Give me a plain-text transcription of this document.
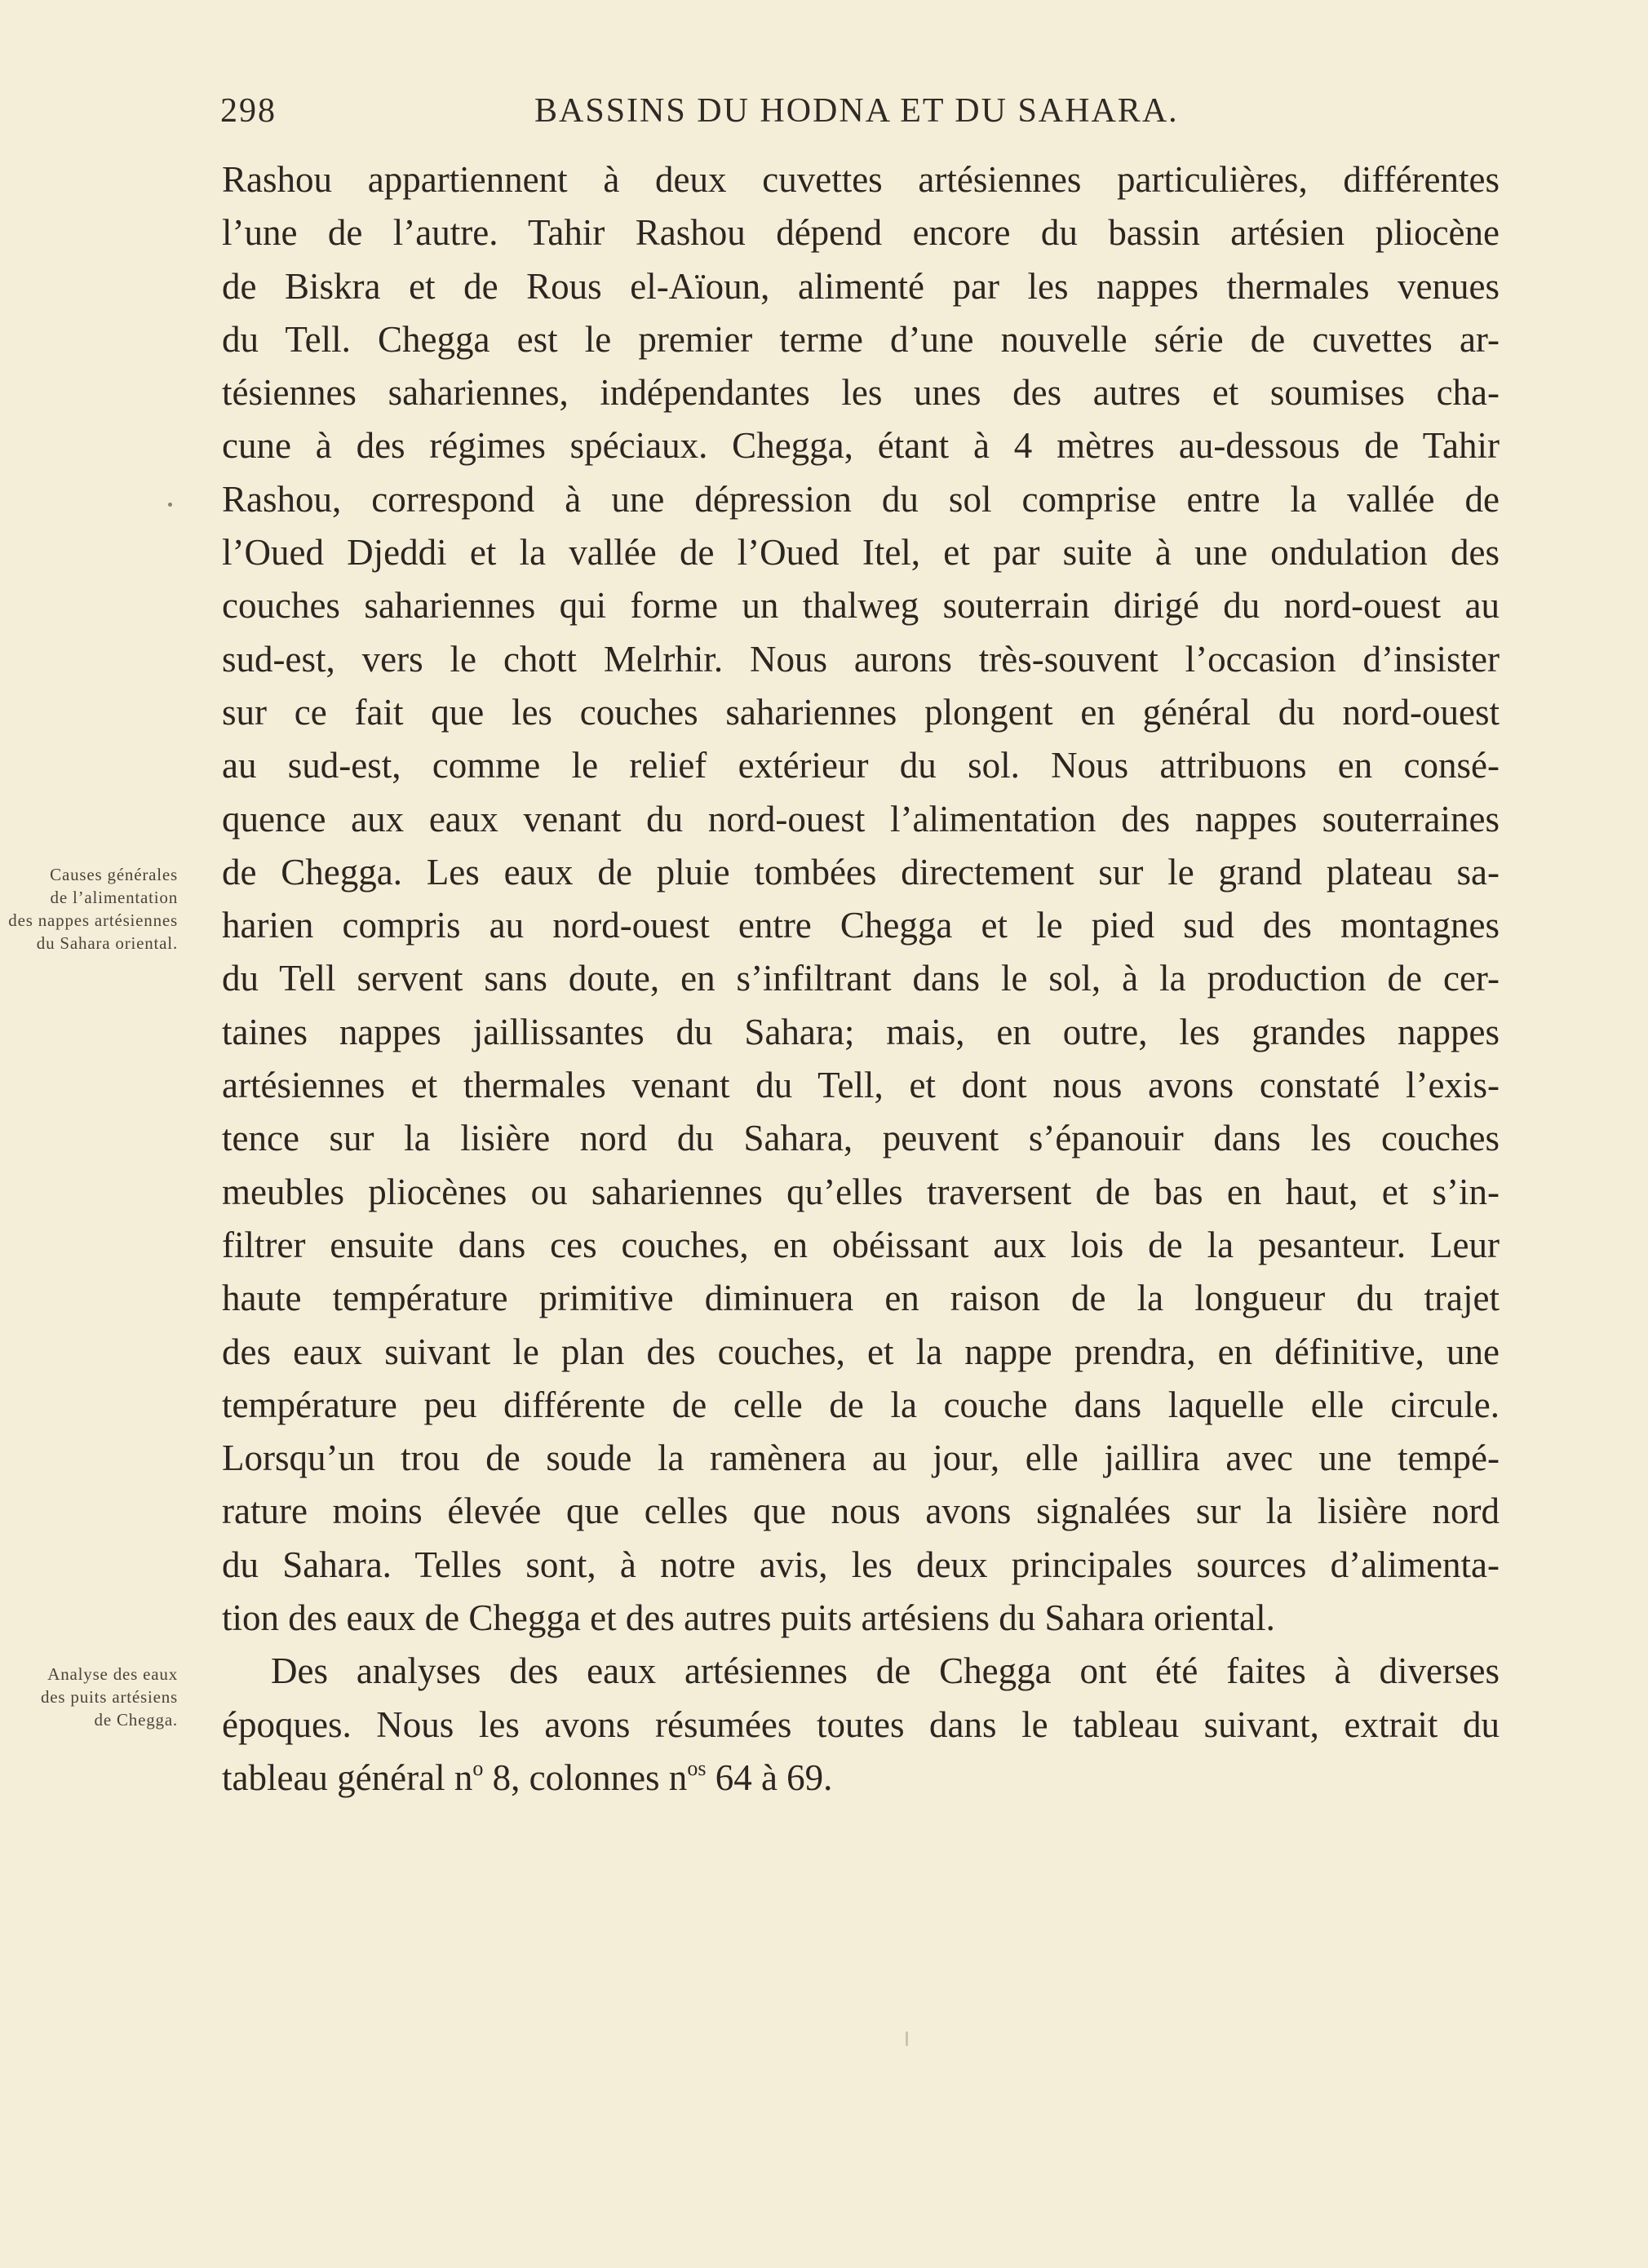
298	BASSINS DU HODNA ET DU SAHARA.
Causes générales
de l’alimentation
des nappes artésiennes
du Sahara oriental.
Analyse des eaux
des puits artésiens
de Chegga.
Rashou appartiennent à deux cuvettes artésiennes particulières, différentes
l’une de l’autre. Tahir Rashou dépend encore du bassin artésien pliocène
de Biskra et de Rous el-Aïoun, alimenté par les nappes thermales venues
du Tell. Chegga est le premier terme d’une nouvelle série de cuvettes ar-
tésiennes sahariennes, indépendantes les unes des autres et soumises cha-
cune à des régimes spéciaux. Chegga, étant à 4 mètres au-dessous de Tahir
Rashou, correspond à une dépression du sol comprise entre la vallée de
l’Oued Djeddi et la vallée de l’Oued Itel, et par suite à une ondulation des
couches sahariennes qui forme un thalweg souterrain dirigé du nord-ouest au
sud-est, vers le chott Melrhir. Nous aurons très-souvent l’occasion d’insister
sur ce fait que les couches sahariennes plongent en général du nord-ouest
au sud-est, comme le relief extérieur du sol. Nous attribuons en consé-
quence aux eaux venant du nord-ouest l’alimentation des nappes souterraines
de Chegga. Les eaux de pluie tombées directement sur le grand plateau sa-
harien compris au nord-ouest entre Chegga et le pied sud des montagnes
du Tell servent sans doute, en s’infiltrant dans le sol, à la production de cer-
taines nappes jaillissantes du Sahara; mais, en outre, les grandes nappes
artésiennes et thermales venant du Tell, et dont nous avons constaté l’exis-
tence sur la lisière nord du Sahara, peuvent s’épanouir dans les couches
meubles pliocènes ou sahariennes qu’elles traversent de bas en haut, et s’in-
filtrer ensuite dans ces couches, en obéissant aux lois de la pesanteur. Leur
haute température primitive diminuera en raison de la longueur du trajet
des eaux suivant le plan des couches, et la nappe prendra, en définitive, une
température peu différente de celle de la couche dans laquelle elle circule.
Lorsqu’un trou de soude la ramènera au jour, elle jaillira avec une tempé-
rature moins élevée que celles que nous avons signalées sur la lisière nord
du Sahara. Telles sont, à notre avis, les deux principales sources d’alimenta-
tion des eaux de Chegga et des autres puits artésiens du Sahara oriental.
Des analyses des eaux artésiennes de Chegga ont été faites à diverses
époques. Nous les avons résumées toutes dans le tableau suivant, extrait du
tableau général $n^o$ 8, colonnes $n^{os}$ 64 à 69.
